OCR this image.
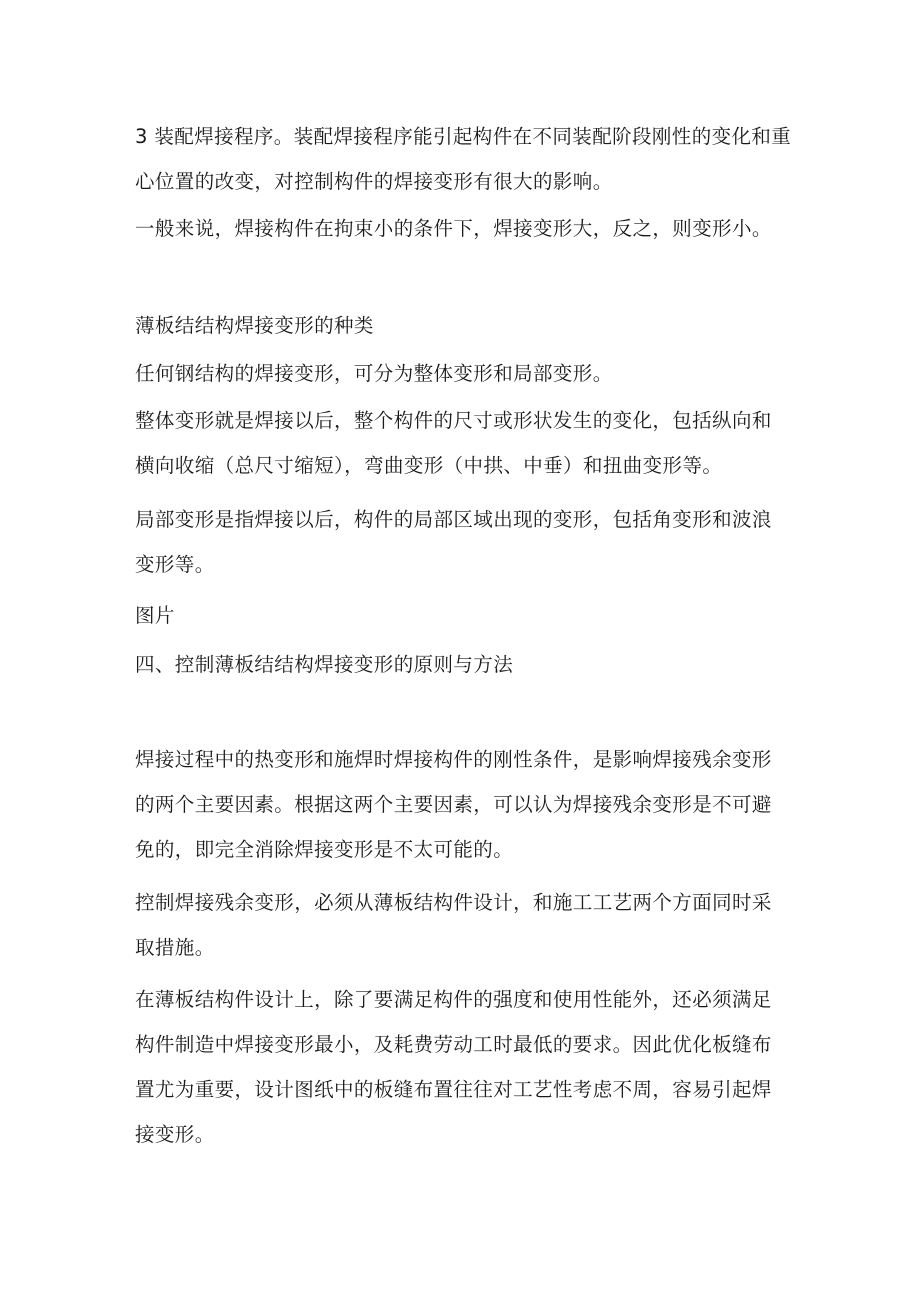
3 装配焊接程序。装配焊接程序能引起构件在不同装配阶段刚性的变化和重
心位置的改变，对控制构件的焊接变形有很大的影响。

一般来说，焊接构件在拘束小的条件下，焊接变形大，反之，则变形小。

薄板结结构焊接变形的种类

任何钢结构的焊接变形，可分为整体变形和局部变形。

整体变形就是焊接以后，整个构件的尺寸或形状发生的变化，包括纵向和
横向收缩（总尺寸缩短），弯曲变形（中拱、中垂）和扭曲变形等。

局部变形是指焊接以后，构件的局部区域出现的变形，包括角变形和波浪
变形等。

图片

四、控制薄板结结构焊接变形的原则与方法

焊接过程中的热变形和施焊时焊接构件的刚性条件，是影响焊接残余变形
的两个主要因素。根据这两个主要因素，可以认为焊接残余变形是不可避
免的，即完全消除焊接变形是不太可能的。

控制焊接残余变形，必须从薄板结构件设计，和施工工艺两个方面同时采
取措施。

在薄板结构件设计上，除了要满足构件的强度和使用性能外，还必须满足
构件制造中焊接变形最小，及耗费劳动工时最低的要求。因此优化板缝布
置尤为重要，设计图纸中的板缝布置往往对工艺性考虑不周，容易引起焊
接变形。
